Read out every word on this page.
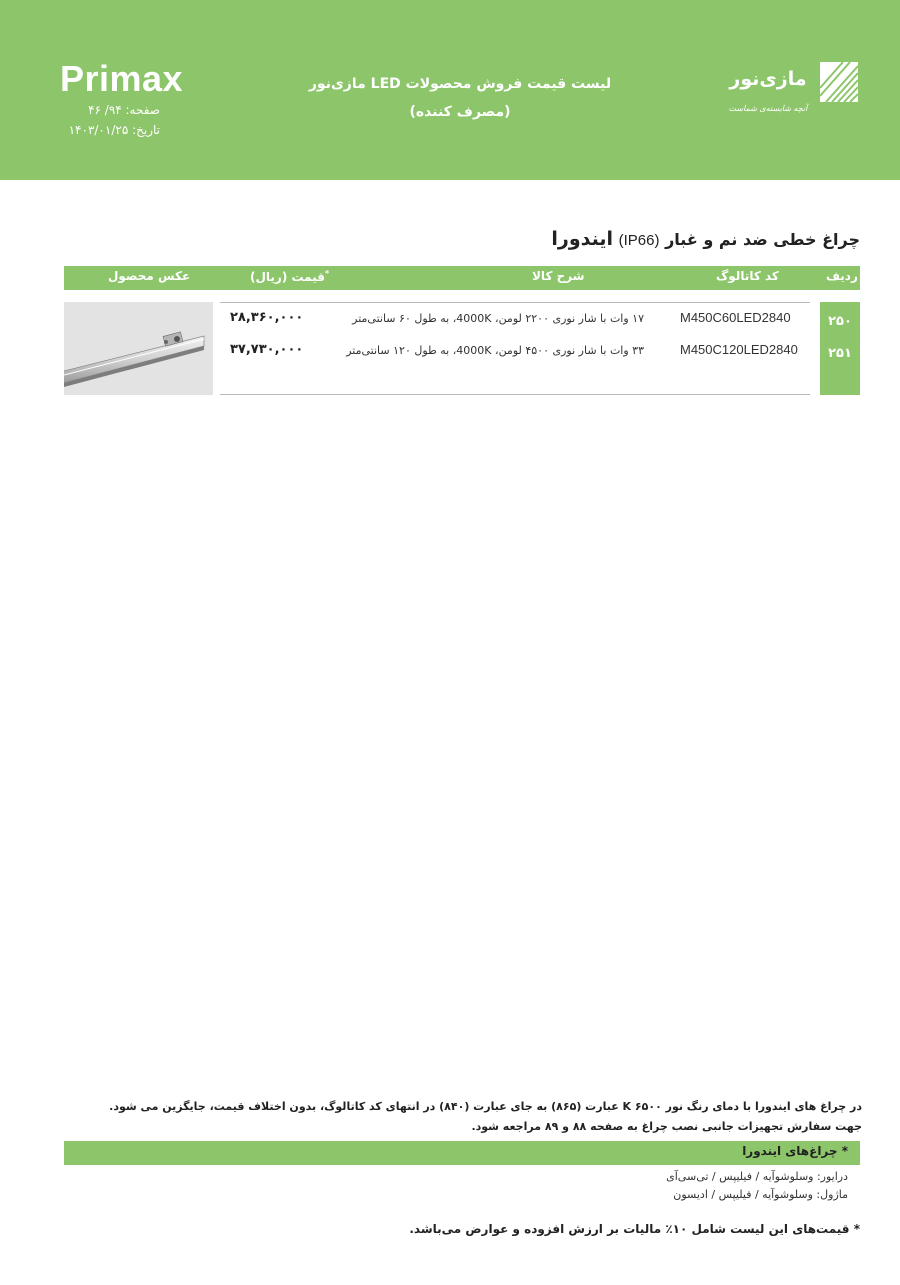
Primax
صفحه: ۹۴/ ۴۶
تاریخ: ۱۴۰۳/۰۱/۲۵
لیست قیمت فروش محصولات LED مازی‌نور
(مصرف کننده)
مازی‌نور
آنچه شایسته‌ی شماست
چراغ خطی ضد نم و غبار (IP66) ایندورا
ردیف
کد کاتالوگ
شرح کالا
*قیمت (ریال)
عکس محصول
۲۵۰
۲۵۱
M450C60LED2840
۱۷ وات با شار نوری ۲۲۰۰ لومن، 4000K، به طول ۶۰ سانتی‌متر
۲۸,۳۶۰,۰۰۰
M450C120LED2840
۳۳ وات با شار نوری ۴۵۰۰ لومن، 4000K، به طول ۱۲۰ سانتی‌متر
۳۷,۷۳۰,۰۰۰
در چراغ های ایندورا با دمای رنگ نور ۶۵۰۰ K عبارت (۸۶۵) به جای عبارت (۸۴۰) در انتهای کد کاتالوگ، بدون اختلاف قیمت، جایگزین می شود.
جهت سفارش تجهیزات جانبی نصب چراغ به صفحه ۸۸ و ۸۹ مراجعه شود.
* چراغ‌های ایندورا
درایور: وسلوشوآیه / فیلیپس / تی‌سی‌آی
ماژول: وسلوشوآیه / فیلیپس / ادیسون
* قیمت‌های این لیست شامل ۱۰٪ مالیات بر ارزش افزوده و عوارض می‌باشد.
